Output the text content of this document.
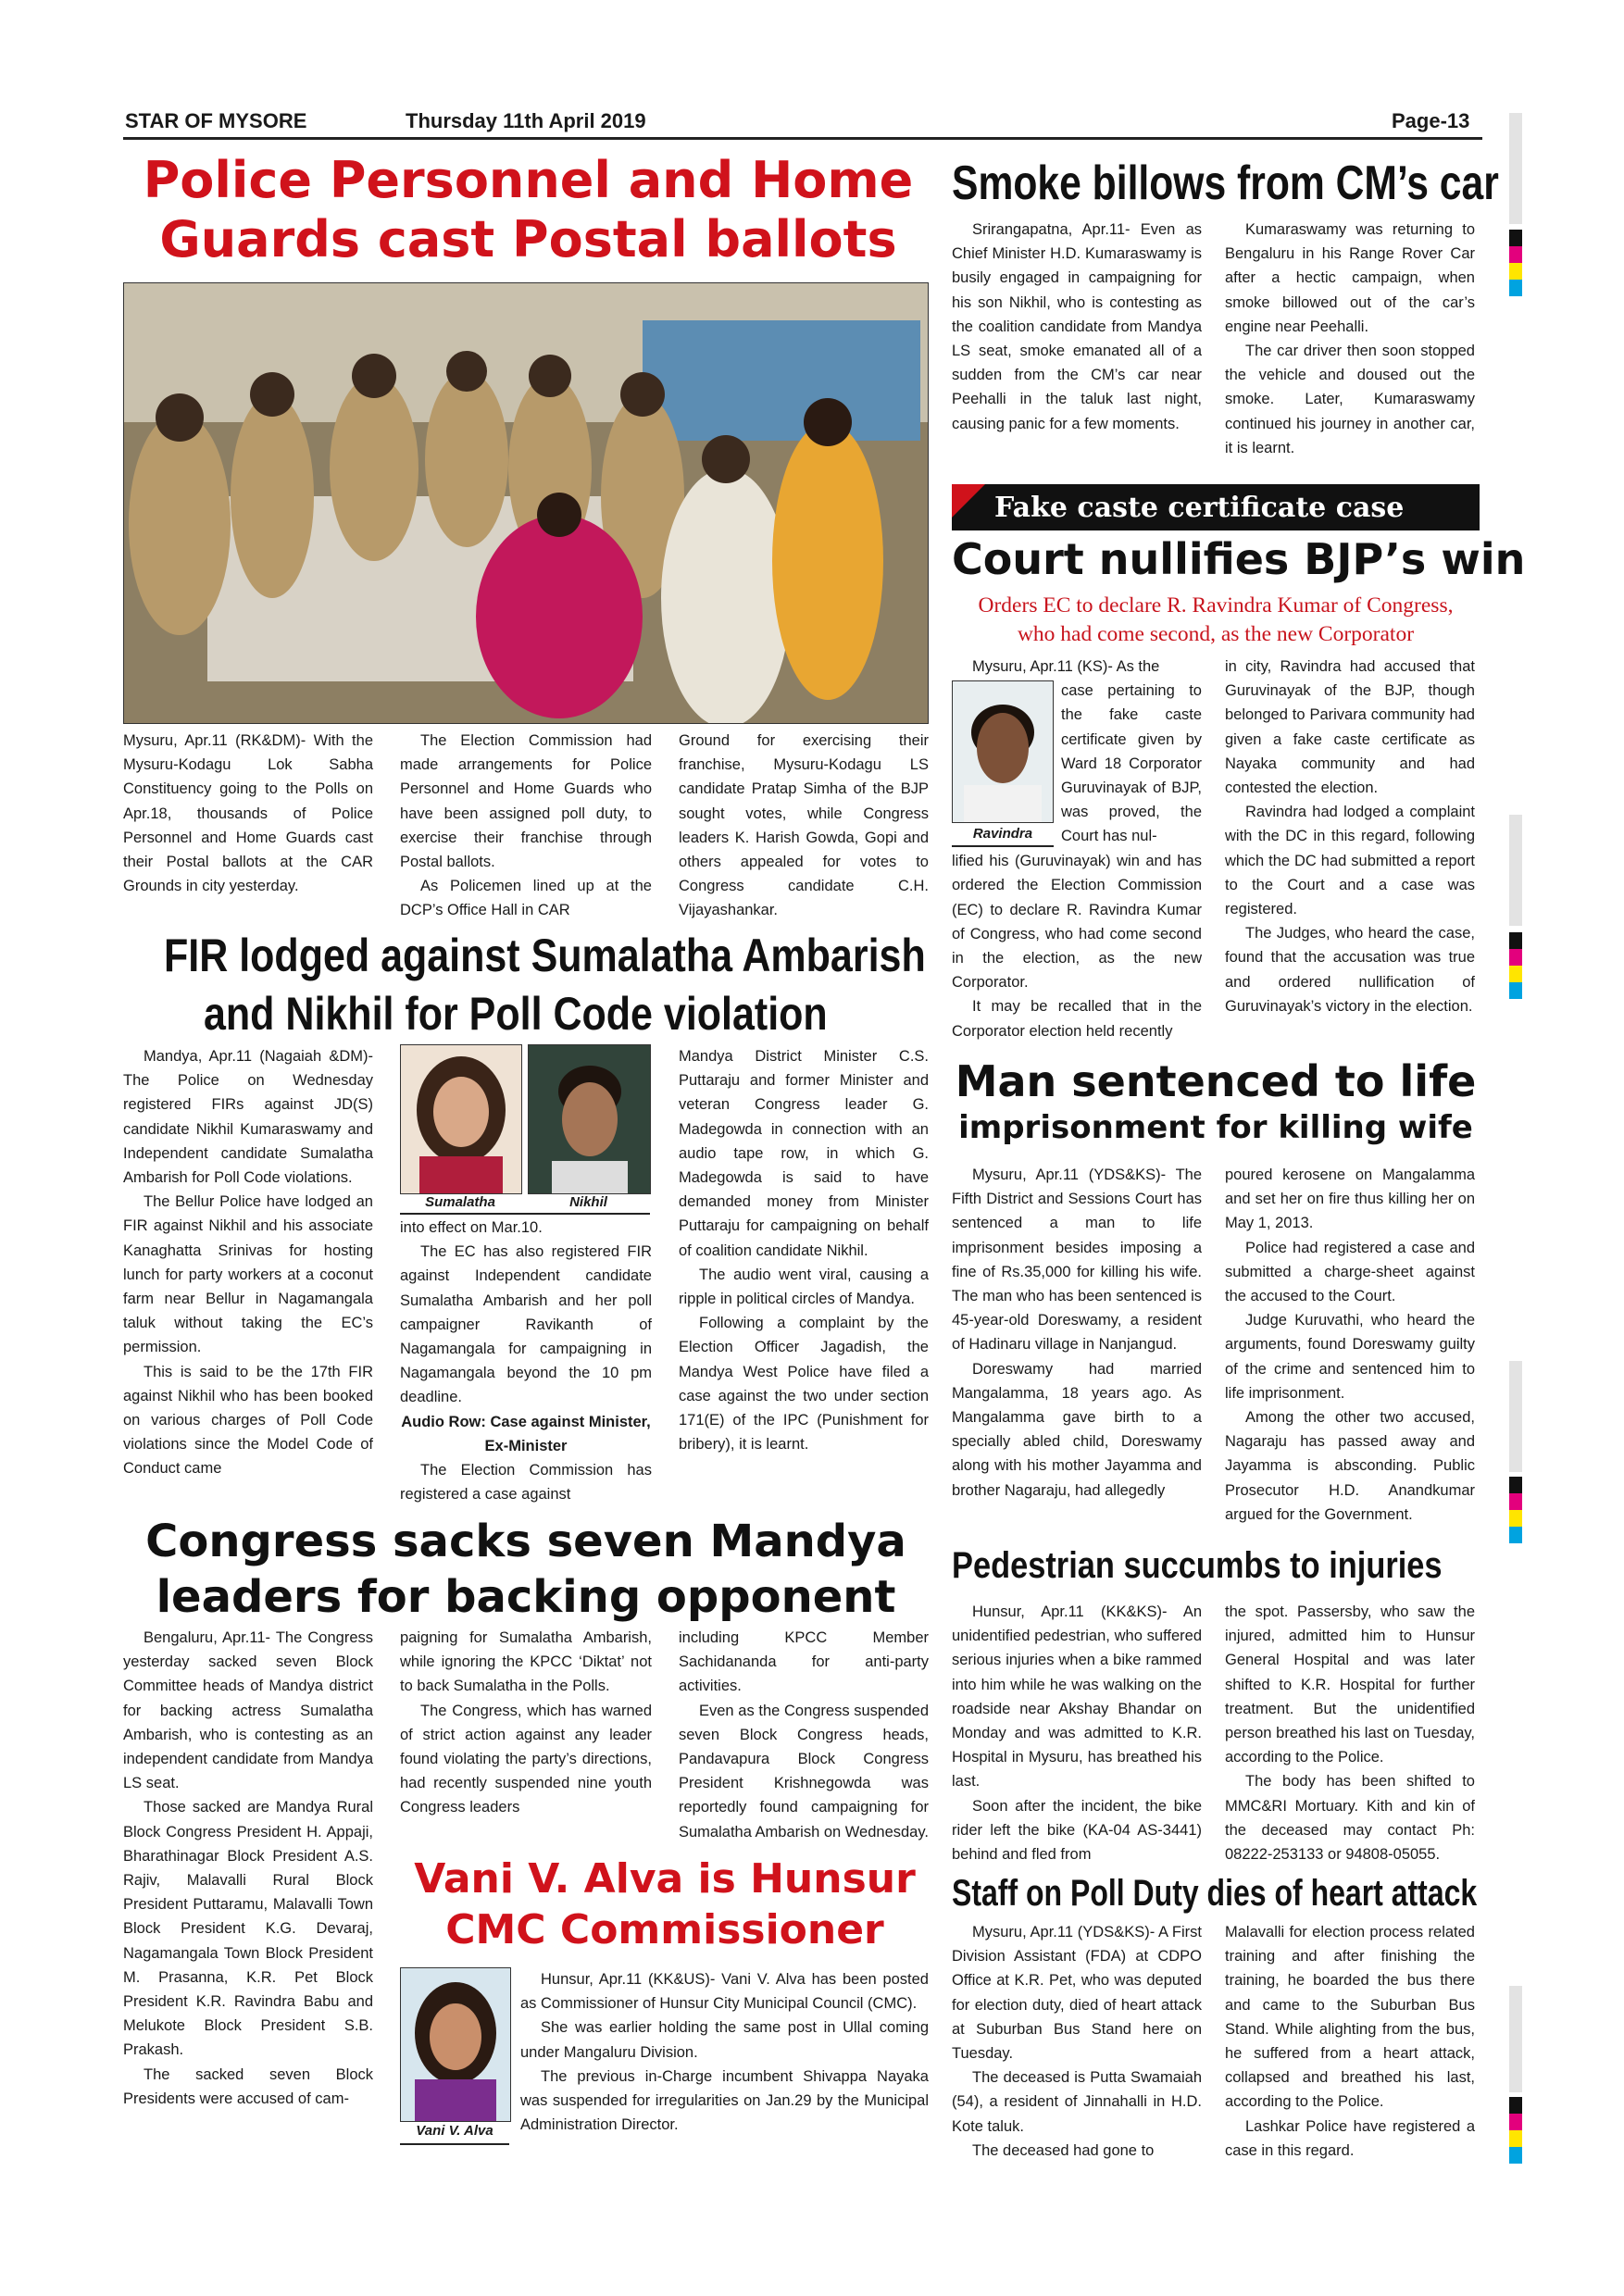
STAR OF MYSORE	Thursday 11th April 2019	Page-13
Police Personnel and Home
Guards cast Postal ballots

Mysuru, Apr.11 (RK&DM)- With the Mysuru-Kodagu Lok Sabha Constituency going to the Polls on Apr.18, thousands of Police Personnel and Home Guards cast their Postal ballots at the CAR Grounds in city yesterday.

The Election Commission had made arrangements for Police Personnel and Home Guards who have been assigned poll duty, to exercise their franchise through Postal ballots.

As Policemen lined up at the DCP’s Office Hall in CAR

Ground for exercising their franchise, Mysuru-Kodagu LS candidate Pratap Simha of the BJP sought votes, while Congress leaders K. Harish Gowda, Gopi and others appealed for votes to Congress candidate C.H. Vijayashankar.

FIR lodged against Sumalatha Ambarish
and Nikhil for Poll Code violation

Mandya, Apr.11 (Nagaiah &DM)- The Police on Wednesday registered FIRs against JD(S) candidate Nikhil Kumaraswamy and Independent candidate Sumalatha Ambarish for Poll Code violations.

The Bellur Police have lodged an FIR against Nikhil and his associate Kanaghatta Srinivas for hosting lunch for party workers at a coconut farm near Bellur in Nagamangala taluk without taking the EC’s permission.

This is said to be the 17th FIR against Nikhil who has been booked on various charges of Poll Code violations since the Model Code of Conduct came

Sumalatha	Nikhil

into effect on Mar.10.

The EC has also registered FIR against Independent candidate Sumalatha Ambarish and her poll campaigner Ravikanth of Nagamangala for campaigning in Nagamangala beyond the 10 pm deadline.

Audio Row: Case against Minister, Ex-Minister

The Election Commission has registered a case against

Mandya District Minister C.S. Puttaraju and former Minister and veteran Congress leader G. Madegowda in connection with an audio tape row, in which G. Madegowda is said to have demanded money from Minister Puttaraju for campaigning on behalf of coalition candidate Nikhil.

The audio went viral, causing a ripple in political circles of Mandya.

Following a complaint by the Election Officer Jagadish, the Mandya West Police have filed a case against the two under section 171(E) of the IPC (Punishment for bribery), it is learnt.

Congress sacks seven Mandya
leaders for backing opponent

Bengaluru, Apr.11- The Congress yesterday sacked seven Block Committee heads of Mandya district for backing actress Sumalatha Ambarish, who is contesting as an independent candidate from Mandya LS seat.

Those sacked are Mandya Rural Block Congress President H. Appaji, Bharathinagar Block President A.S. Rajiv, Malavalli Rural Block President Puttaramu, Malavalli Town Block President K.G. Devaraj, Nagamangala Town Block President M. Prasanna, K.R. Pet Block President K.R. Ravindra Babu and Melukote Block President S.B. Prakash.

The sacked seven Block Presidents were accused of cam-

paigning for Sumalatha Ambarish, while ignoring the KPCC ‘Diktat’ not to back Sumalatha in the Polls.

The Congress, which has warned of strict action against any leader found violating the party’s directions, had recently suspended nine youth Congress leaders

including KPCC Member Sachidananda for anti-party activities.

Even as the Congress suspended seven Block Congress heads, Pandavapura Block Congress President Krishnegowda was reportedly found campaigning for Sumalatha Ambarish on Wednesday.

Vani V. Alva is Hunsur
CMC Commissioner
Vani V. Alva

Hunsur, Apr.11 (KK&US)- Vani V. Alva has been posted as Commissioner of Hunsur City Municipal Council (CMC).

She was earlier holding the same post in Ullal coming under Mangaluru Division.

The previous in-Charge incumbent Shivappa Nayaka was suspended for irregularities on Jan.29 by the Municipal Administration Director.

Smoke billows from CM’s car

Srirangapatna, Apr.11- Even as Chief Minister H.D. Kumaraswamy is busily engaged in campaigning for his son Nikhil, who is contesting as the coalition candidate from Mandya LS seat, smoke emanated all of a sudden from the CM’s car near Peehalli in the taluk last night, causing panic for a few moments.

Kumaraswamy was returning to Bengaluru in his Range Rover Car after a hectic campaign, when smoke billowed out of the car’s engine near Peehalli.

The car driver then soon stopped the vehicle and doused out the smoke. Later, Kumaraswamy continued his journey in another car, it is learnt.

Fake caste certificate case
Court nullifies BJP’s win
Orders EC to declare R. Ravindra Kumar of Congress,
who had come second, as the new Corporator
Mysuru, Apr.11 (KS)- As the
Ravindra
case pertaining to the fake caste certificate given by Ward 18 Corporator Guruvinayak of BJP, was proved, the Court has nul-

lified his (Guruvinayak) win and has ordered the Election Commission (EC) to declare R. Ravindra Kumar of Congress, who had come second in the election, as the new Corporator.

It may be recalled that in the Corporator election held recently

in city, Ravindra had accused that Guruvinayak of the BJP, though belonged to Parivara community had given a fake caste certificate as Nayaka community and had contested the election.

Ravindra had lodged a complaint with the DC in this regard, following which the DC had submitted a report to the Court and a case was registered.

The Judges, who heard the case, found that the accusation was true and ordered nullification of Guruvinayak’s victory in the election.

Man sentenced to life
imprisonment for killing wife

Mysuru, Apr.11 (YDS&KS)- The Fifth District and Sessions Court has sentenced a man to life imprisonment besides imposing a fine of Rs.35,000 for killing his wife. The man who has been sentenced is 45-year-old Doreswamy, a resident of Hadinaru village in Nanjangud.

Doreswamy had married Mangalamma, 18 years ago. As Mangalamma gave birth to a specially abled child, Doreswamy along with his mother Jayamma and brother Nagaraju, had allegedly

poured kerosene on Mangalamma and set her on fire thus killing her on May 1, 2013.

Police had registered a case and submitted a charge-sheet against the accused to the Court.

Judge Kuruvathi, who heard the arguments, found Doreswamy guilty of the crime and sentenced him to life imprisonment.

Among the other two accused, Nagaraju has passed away and Jayamma is absconding. Public Prosecutor H.D. Anandkumar argued for the Government.

Pedestrian succumbs to injuries

Hunsur, Apr.11 (KK&KS)- An unidentified pedestrian, who suffered serious injuries when a bike rammed into him while he was walking on the roadside near Akshay Bhandar on Monday and was admitted to K.R. Hospital in Mysuru, has breathed his last.

Soon after the incident, the bike rider left the bike (KA-04 AS-3441) behind and fled from

the spot. Passersby, who saw the injured, admitted him to Hunsur General Hospital and was later shifted to K.R. Hospital for further treatment. But the unidentified person breathed his last on Tuesday, according to the Police.

The body has been shifted to MMC&RI Mortuary. Kith and kin of the deceased may contact Ph: 08222-253133 or 94808-05055.

Staff on Poll Duty dies of heart attack

Mysuru, Apr.11 (YDS&KS)- A First Division Assistant (FDA) at CDPO Office at K.R. Pet, who was deputed for election duty, died of heart attack at Suburban Bus Stand here on Tuesday.

The deceased is Putta Swamaiah (54), a resident of Jinnahalli in H.D. Kote taluk.

The deceased had gone to

Malavalli for election process related training and after finishing the training, he boarded the bus there and came to the Suburban Bus Stand. While alighting from the bus, he suffered from a heart attack, collapsed and breathed his last, according to the Police.

Lashkar Police have registered a case in this regard.
